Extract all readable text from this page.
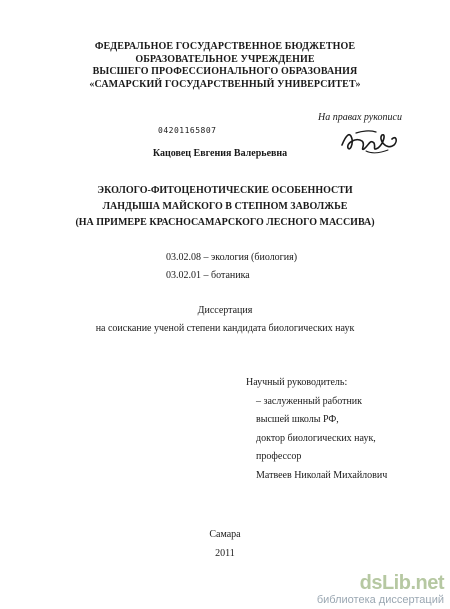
ФЕДЕРАЛЬНОЕ ГОСУДАРСТВЕННОЕ БЮДЖЕТНОЕ
ОБРАЗОВАТЕЛЬНОЕ УЧРЕЖДЕНИЕ
ВЫСШЕГО ПРОФЕССИОНАЛЬНОГО ОБРАЗОВАНИЯ
«САМАРСКИЙ ГОСУДАРСТВЕННЫЙ УНИВЕРСИТЕТ»
На правах рукописи
04201165807
Кацовец Евгения Валерьевна
ЭКОЛОГО-ФИТОЦЕНОТИЧЕСКИЕ ОСОБЕННОСТИ
ЛАНДЫША МАЙСКОГО В СТЕПНОМ ЗАВОЛЖЬЕ
(НА ПРИМЕРЕ КРАСНОСАМАРСКОГО ЛЕСНОГО МАССИВА)
03.02.08 – экология (биология)
03.02.01 – ботаника
Диссертация
на соискание ученой степени кандидата биологических наук
Научный руководитель:
– заслуженный работник
высшей школы РФ,
доктор биологических наук,
профессор
Матвеев Николай Михайлович
Самара
2011
dsLib.net
библиотека диссертаций
